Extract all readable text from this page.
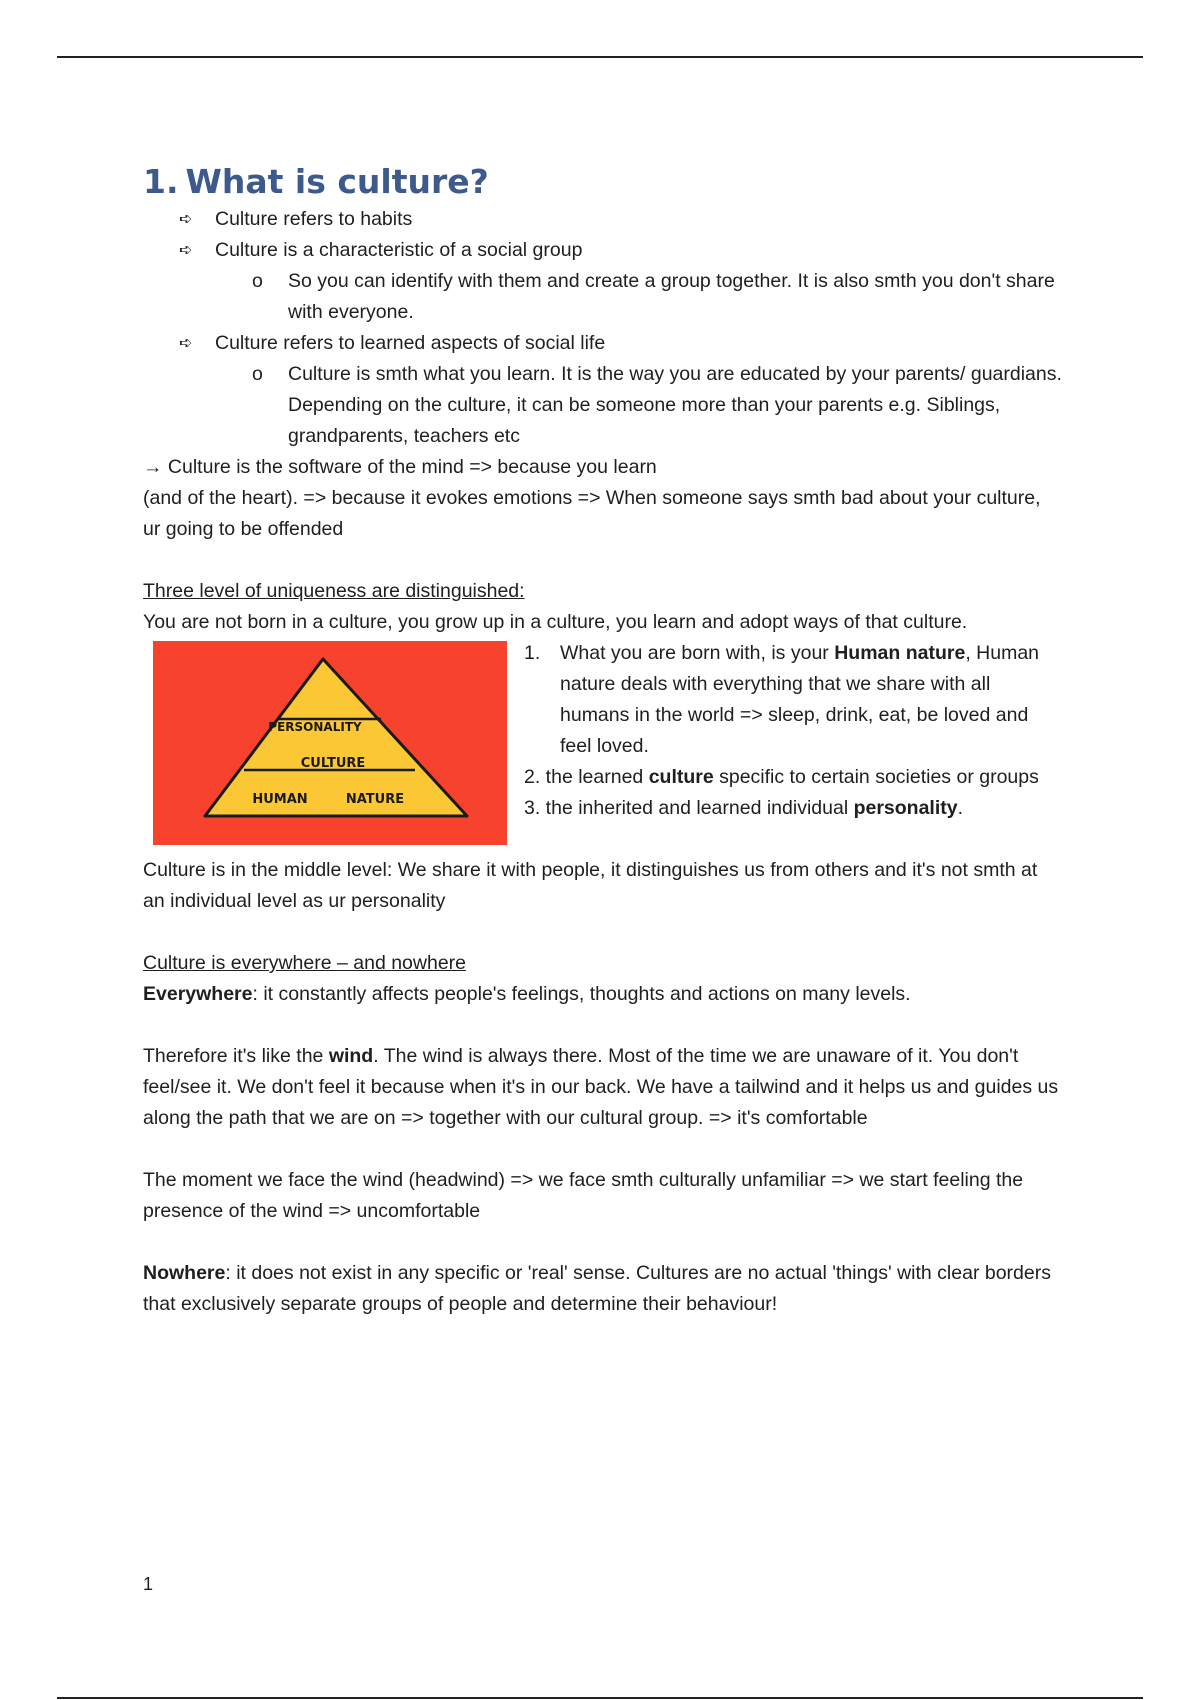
1. What is culture?

➪ Culture refers to habits

➪ Culture is a characteristic of a social group

o So you can identify with them and create a group together. It is also smth you don't share with everyone.

➪ Culture refers to learned aspects of social life

o Culture is smth what you learn. It is the way you are educated by your parents/ guardians. Depending on the culture, it can be someone more than your parents e.g. Siblings, grandparents, teachers etc

→ Culture is the software of the mind => because you learn

(and of the heart). => because it evokes emotions => When someone says smth bad about your culture, ur going to be offended

Three level of uniqueness are distinguished:

You are not born in a culture, you grow up in a culture, you learn and adopt ways of that culture.

PERSONALITY
CULTURE
HUMAN	NATURE

1. What you are born with, is your Human nature, Human nature deals with everything that we share with all humans in the world => sleep, drink, eat, be loved and feel loved.

2. the learned culture specific to certain societies or groups

3. the inherited and learned individual personality.

Culture is in the middle level: We share it with people, it distinguishes us from others and it's not smth at an individual level as ur personality

Culture is everywhere – and nowhere

Everywhere: it constantly affects people's feelings, thoughts and actions on many levels.

Therefore it's like the wind. The wind is always there. Most of the time we are unaware of it. You don't feel/see it. We don't feel it because when it's in our back. We have a tailwind and it helps us and guides us along the path that we are on => together with our cultural group. => it's comfortable

The moment we face the wind (headwind) => we face smth culturally unfamiliar => we start feeling the presence of the wind => uncomfortable

Nowhere: it does not exist in any specific or 'real' sense. Cultures are no actual 'things' with clear borders that exclusively separate groups of people and determine their behaviour!

1
